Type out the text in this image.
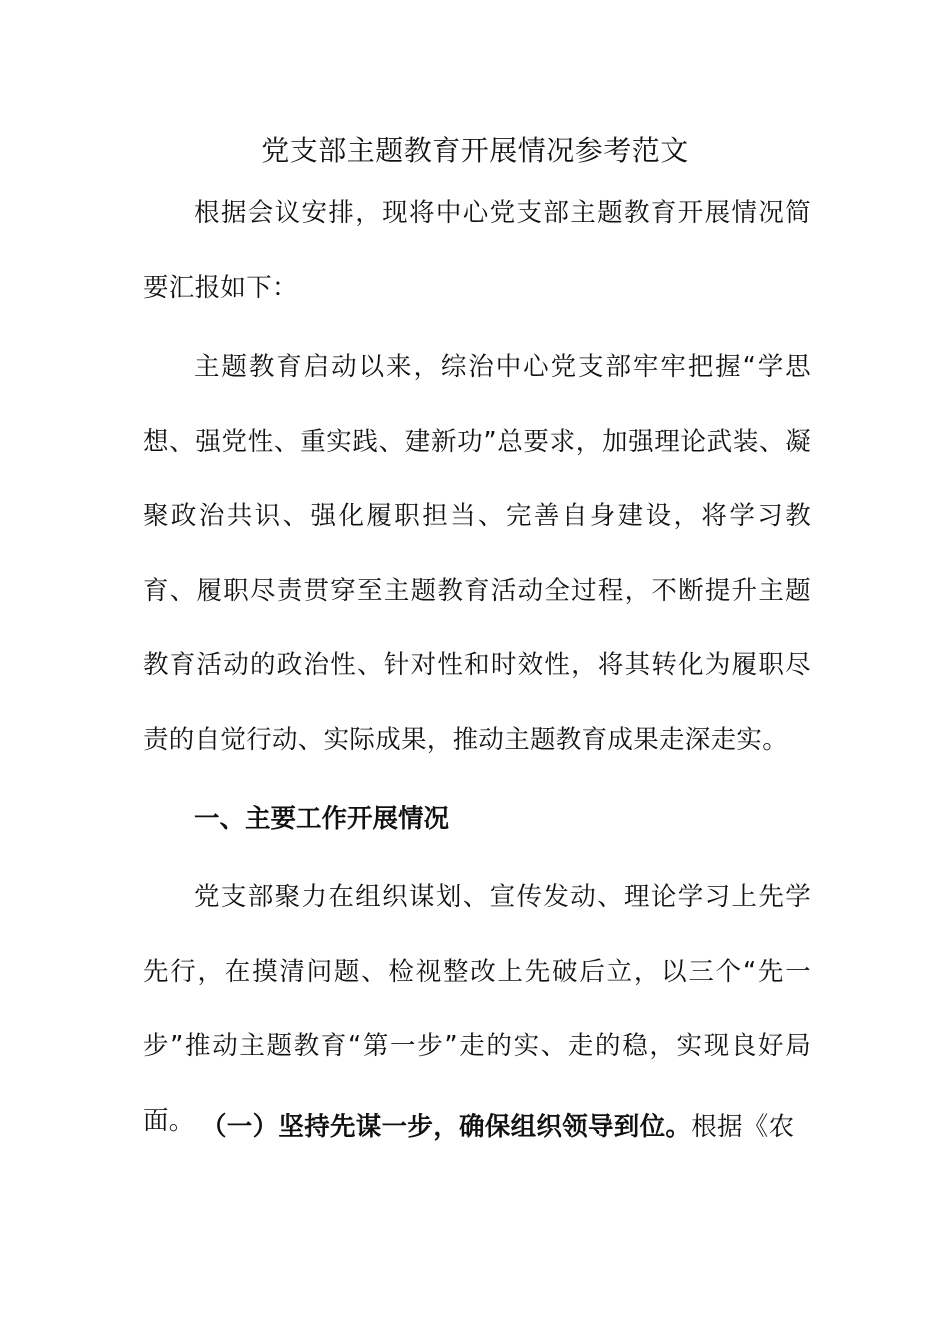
党支部主题教育开展情况参考范文

根据会议安排，现将中心党支部主题教育开展情况简要汇报如下：

主题教育启动以来，综治中心党支部牢牢把握“学思想、强党性、重实践、建新功”总要求，加强理论武装、凝聚政治共识、强化履职担当、完善自身建设，将学习教育、履职尽责贯穿至主题教育活动全过程，不断提升主题教育活动的政治性、针对性和时效性，将其转化为履职尽责的自觉行动、实际成果，推动主题教育成果走深走实。

一、主要工作开展情况

党支部聚力在组织谋划、宣传发动、理论学习上先学先行，在摸清问题、检视整改上先破后立，以三个“先一步”推动主题教育“第一步”走的实、走的稳，实现良好局面。 （一）坚持先谋一步，确保组织领导到位。根据《农
